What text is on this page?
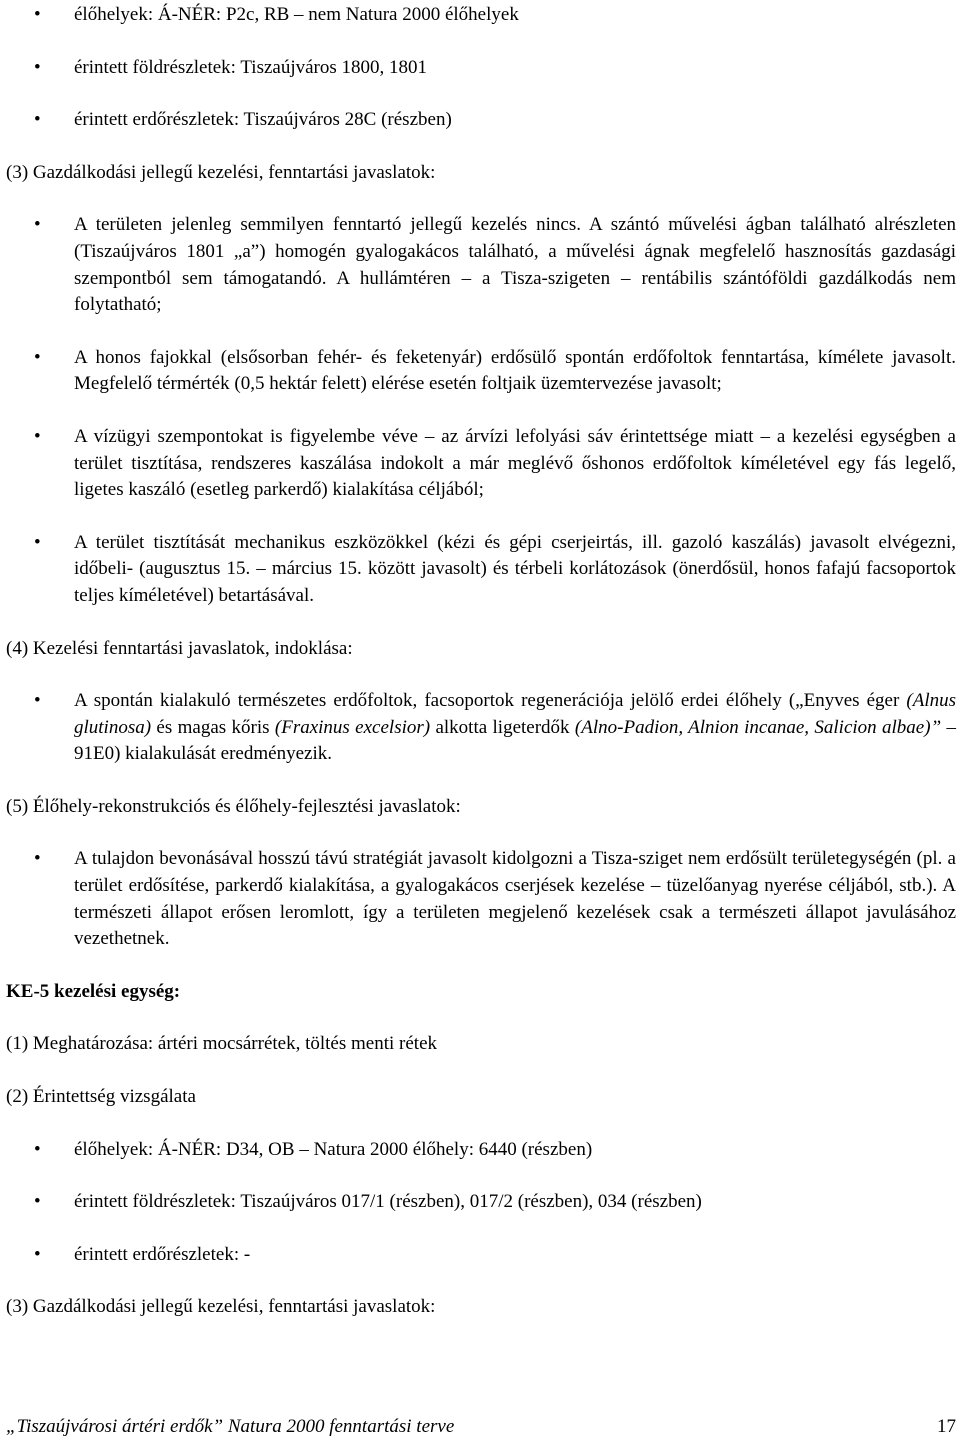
• élőhelyek: Á-NÉR: P2c, RB – nem Natura 2000 élőhelyek
• érintett földrészletek: Tiszaújváros 1800, 1801
• érintett erdőrészletek: Tiszaújváros 28C (részben)

(3) Gazdálkodási jellegű kezelési, fenntartási javaslatok:

• A területen jelenleg semmilyen fenntartó jellegű kezelés nincs. A szántó művelési ágban található alrészleten (Tiszaújváros 1801 „a”) homogén gyalogakácos található, a művelési ágnak megfelelő hasznosítás gazdasági szempontból sem támogatandó. A hullámtéren – a Tisza-szigeten – rentábilis szántóföldi gazdálkodás nem folytatható;
• A honos fajokkal (elsősorban fehér- és feketenyár) erdősülő spontán erdőfoltok fenntartása, kímélete javasolt. Megfelelő térmérték (0,5 hektár felett) elérése esetén foltjaik üzemtervezése javasolt;
• A vízügyi szempontokat is figyelembe véve – az árvízi lefolyási sáv érintettsége miatt – a kezelési egységben a terület tisztítása, rendszeres kaszálása indokolt a már meglévő őshonos erdőfoltok kíméletével egy fás legelő, ligetes kaszáló (esetleg parkerdő) kialakítása céljából;
• A terület tisztítását mechanikus eszközökkel (kézi és gépi cserjeirtás, ill. gazoló kaszálás) javasolt elvégezni, időbeli- (augusztus 15. – március 15. között javasolt) és térbeli korlátozások (önerdősül, honos fafajú facsoportok teljes kíméletével) betartásával.

(4) Kezelési fenntartási javaslatok, indoklása:

• A spontán kialakuló természetes erdőfoltok, facsoportok regenerációja jelölő erdei élőhely („Enyves éger (Alnus glutinosa) és magas kőris (Fraxinus excelsior) alkotta ligeterdők (Alno-Padion, Alnion incanae, Salicion albae)” – 91E0) kialakulását eredményezik.

(5) Élőhely-rekonstrukciós és élőhely-fejlesztési javaslatok:

• A tulajdon bevonásával hosszú távú stratégiát javasolt kidolgozni a Tisza-sziget nem erdősült területegységén (pl. a terület erdősítése, parkerdő kialakítása, a gyalogakácos cserjések kezelése – tüzelőanyag nyerése céljából, stb.). A természeti állapot erősen leromlott, így a területen megjelenő kezelések csak a természeti állapot javulásához vezethetnek.

KE-5 kezelési egység:

(1) Meghatározása: ártéri mocsárrétek, töltés menti rétek

(2) Érintettség vizsgálata

• élőhelyek: Á-NÉR: D34, OB – Natura 2000 élőhely: 6440 (részben)
• érintett földrészletek: Tiszaújváros 017/1 (részben), 017/2 (részben), 034 (részben)
• érintett erdőrészletek: -

(3) Gazdálkodási jellegű kezelési, fenntartási javaslatok:

„Tiszaújvárosi ártéri erdők” Natura 2000 fenntartási terve	17
